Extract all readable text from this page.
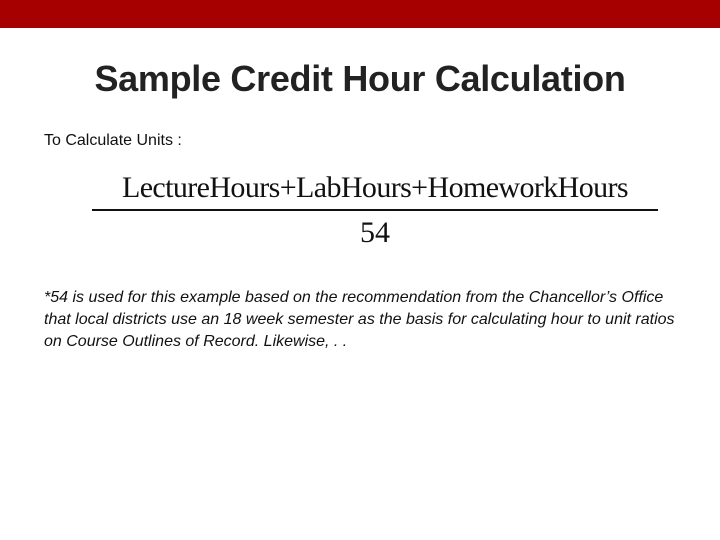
Sample Credit Hour Calculation
To Calculate Units :
LectureHours+LabHours+HomeworkHours
54
*54 is used for this example based on the recommendation from the Chancellor’s Office that local districts use an 18 week semester as the basis for calculating hour to unit ratios on Course Outlines of Record. Likewise, . .
